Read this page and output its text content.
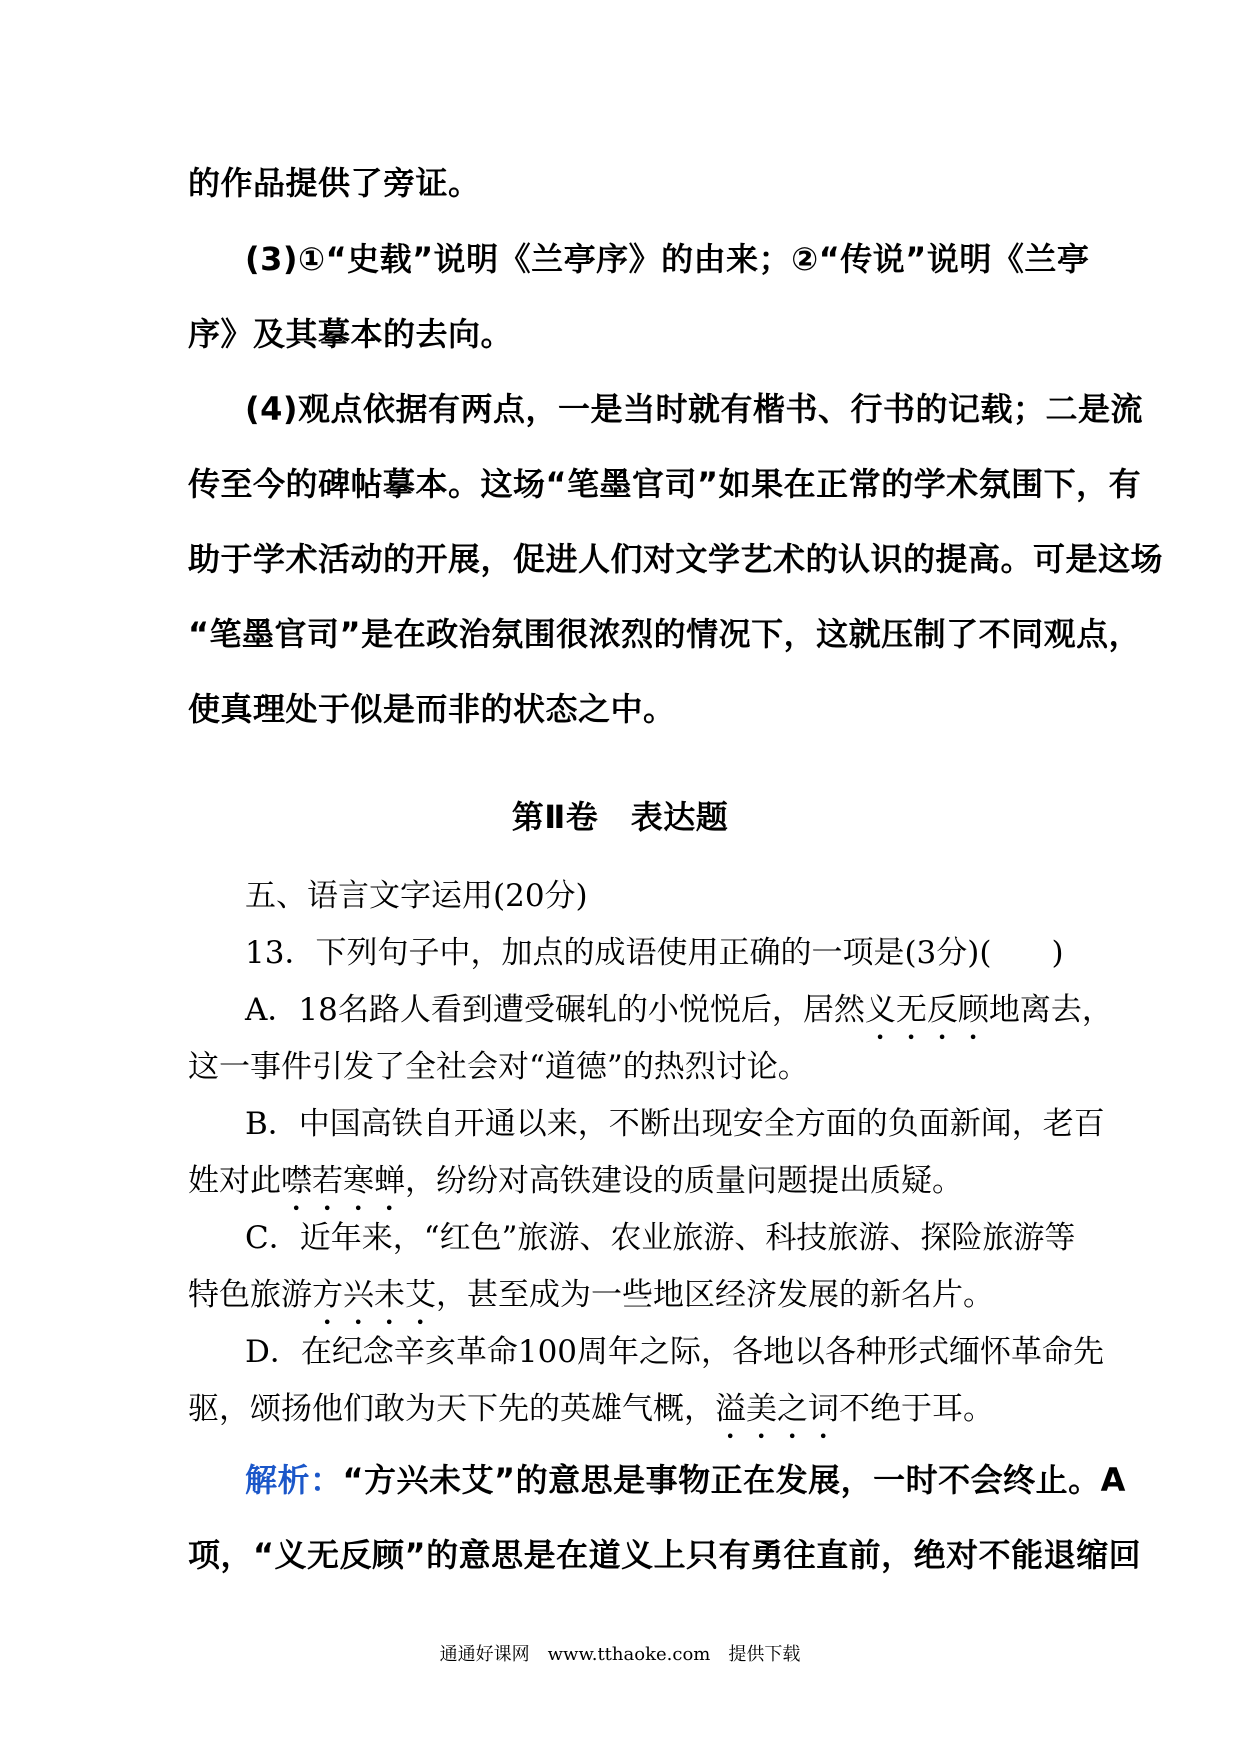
的作品提供了旁证。
(3)①“史载”说明《兰亭序》的由来；②“传说”说明《兰亭
序》及其摹本的去向。
(4)观点依据有两点，一是当时就有楷书、行书的记载；二是流
传至今的碑帖摹本。这场“笔墨官司”如果在正常的学术氛围下，有
助于学术活动的开展，促进人们对文学艺术的认识的提高。可是这场
“笔墨官司”是在政治氛围很浓烈的情况下，这就压制了不同观点，
使真理处于似是而非的状态之中。
第Ⅱ卷　表达题
五、语言文字运用(20分)
13．下列句子中，加点的成语使用正确的一项是(3分)( )
A．18名路人看到遭受碾轧的小悦悦后，居然义无反顾地离去，
这一事件引发了全社会对“道德”的热烈讨论。
B．中国高铁自开通以来，不断出现安全方面的负面新闻，老百
姓对此噤若寒蝉，纷纷对高铁建设的质量问题提出质疑。
C．近年来，“红色”旅游、农业旅游、科技旅游、探险旅游等
特色旅游方兴未艾，甚至成为一些地区经济发展的新名片。
D．在纪念辛亥革命100周年之际，各地以各种形式缅怀革命先
驱，颂扬他们敢为天下先的英雄气概，溢美之词不绝于耳。
解析：“方兴未艾”的意思是事物正在发展，一时不会终止。A
项，“义无反顾”的意思是在道义上只有勇往直前，绝对不能退缩回
通通好课网　www.tthaoke.com　提供下载
